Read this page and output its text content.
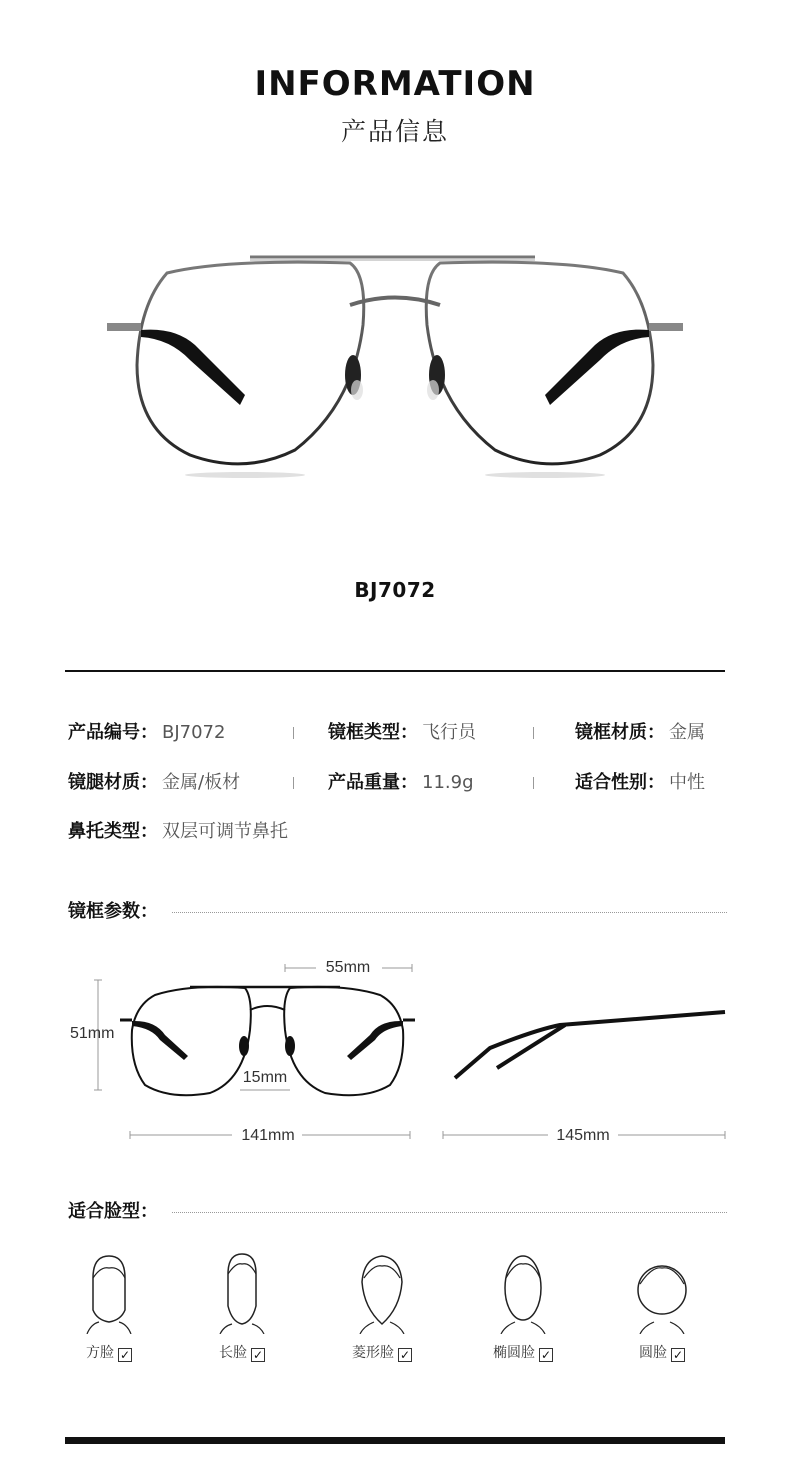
INFORMATION
产品信息
BJ7072
产品编号： BJ7072	镜框类型： 飞行员	镜框材质： 金属
镜腿材质： 金属/板材	产品重量： 11.9g	适合性别： 中性
鼻托类型： 双层可调节鼻托
镜框参数：
55mm
51mm
15mm
141mm	145mm
适合脸型：
方脸 ✓	长脸 ✓	菱形脸 ✓	椭圆脸 ✓	圆脸 ✓
